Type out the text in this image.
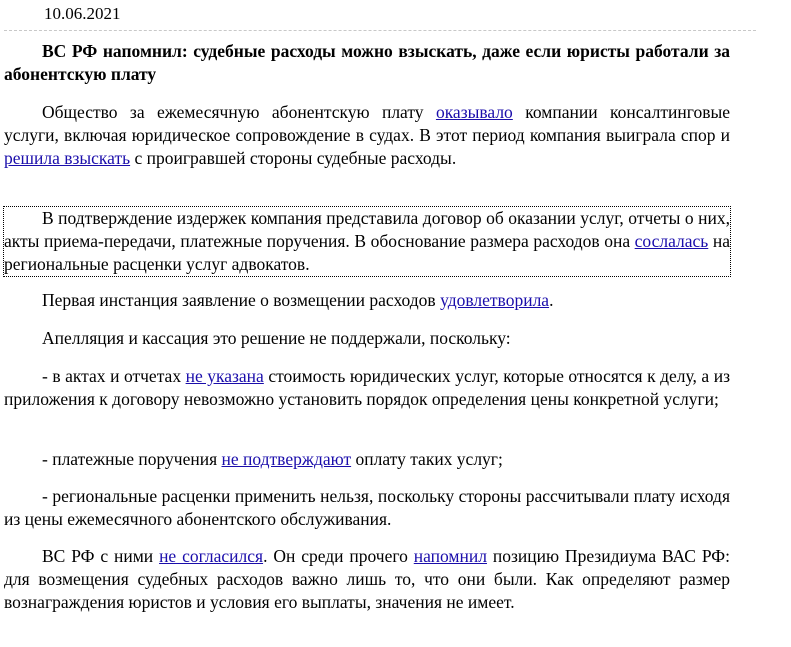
10.06.2021

ВС РФ напомнил: судебные расходы можно взыскать, даже если юристы работали за абонентскую плату

Общество за ежемесячную абонентскую плату оказывало компании консалтинговые услуги, включая юридическое сопровождение в судах. В этот период компания выиграла спор и решила взыскать с проигравшей стороны судебные расходы.

В подтверждение издержек компания представила договор об оказании услуг, отчеты о них, акты приема-передачи, платежные поручения. В обоснование размера расходов она сослалась на региональные расценки услуг адвокатов.

Первая инстанция заявление о возмещении расходов удовлетворила.

Апелляция и кассация это решение не поддержали, поскольку:

- в актах и отчетах не указана стоимость юридических услуг, которые относятся к делу, а из приложения к договору невозможно установить порядок определения цены конкретной услуги;

- платежные поручения не подтверждают оплату таких услуг;

- региональные расценки применить нельзя, поскольку стороны рассчитывали плату исходя из цены ежемесячного абонентского обслуживания.

ВС РФ с ними не согласился. Он среди прочего напомнил позицию Президиума ВАС РФ: для возмещения судебных расходов важно лишь то, что они были. Как определяют размер вознаграждения юристов и условия его выплаты, значения не имеет.
